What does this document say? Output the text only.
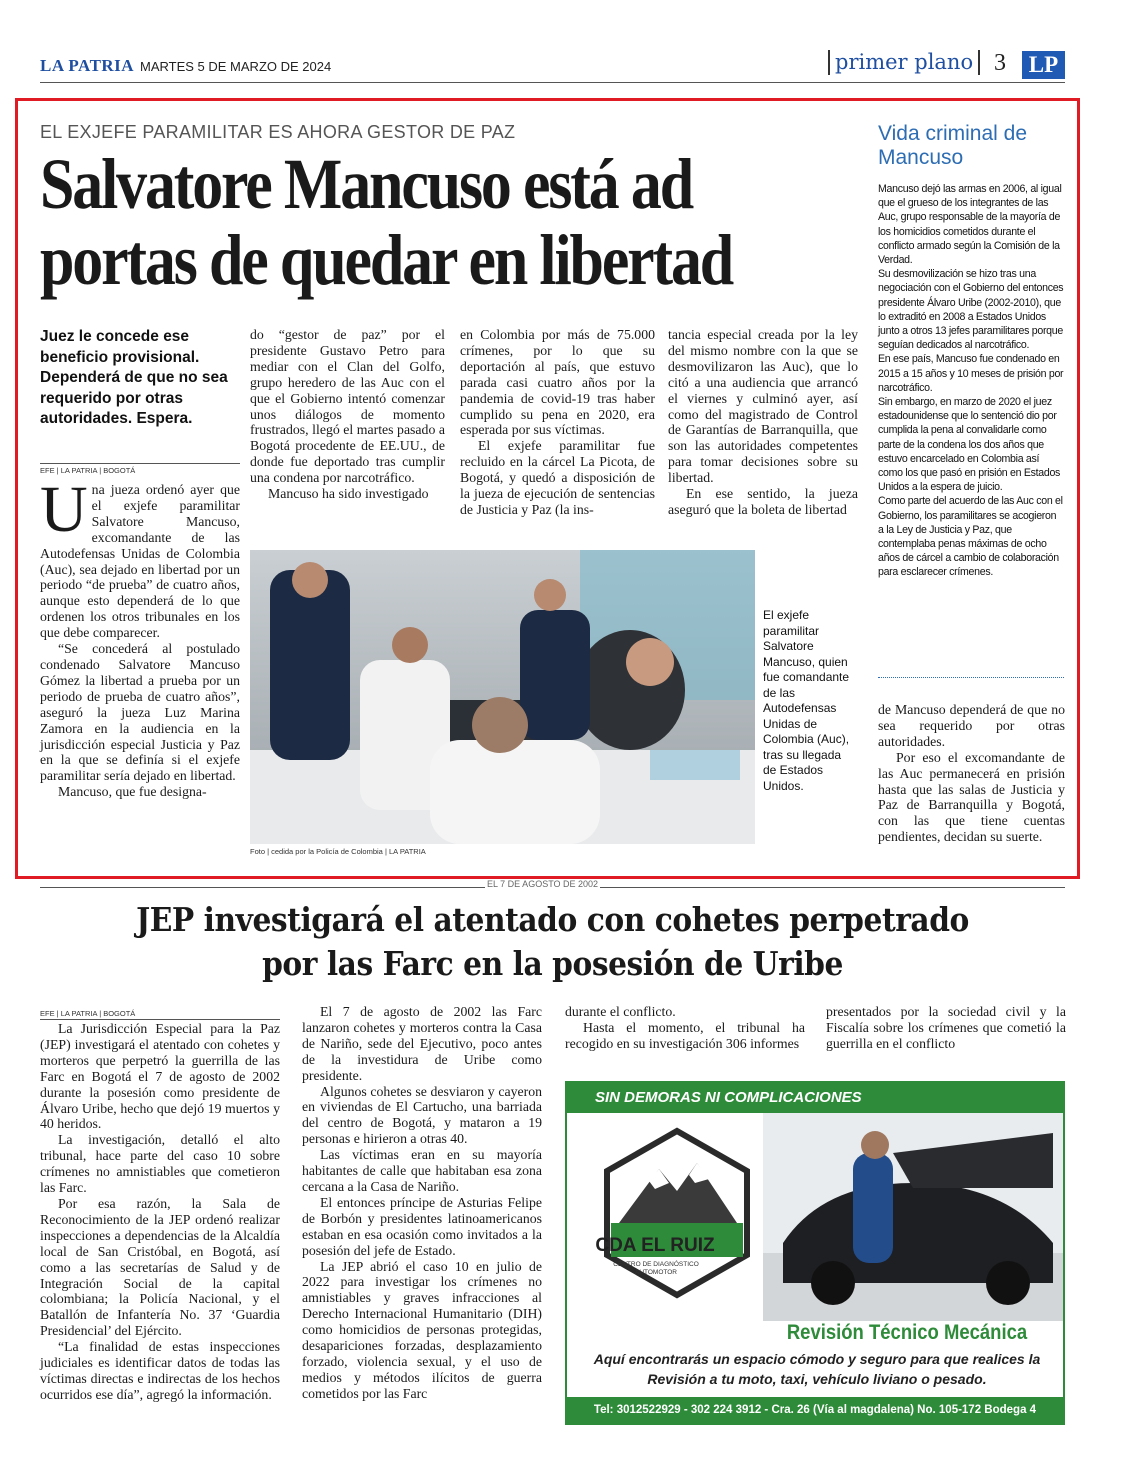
LA PATRIA MARTES 5 DE MARZO DE 2024	primer plano 3 LP
EL EXJEFE PARAMILITAR ES AHORA GESTOR DE PAZ
Salvatore Mancuso está ad portas de quedar en libertad
Juez le concede ese beneficio provisional. Dependerá de que no sea requerido por otras autoridades. Espera.
EFE | LA PATRIA | BOGOTÁ

Una jueza ordenó ayer que el exjefe paramilitar Salvatore Mancuso, excomandante de las Autodefensas Unidas de Colombia (Auc), sea dejado en libertad por un periodo “de prueba” de cuatro años, aunque esto dependerá de lo que ordenen los otros tribunales en los que debe comparecer.

“Se concederá al postulado condenado Salvatore Mancuso Gómez la libertad a prueba por un periodo de prueba de cuatro años”, aseguró la jueza Luz Marina Zamora en la audiencia en la jurisdicción especial Justicia y Paz en la que se definía si el exjefe paramilitar sería dejado en libertad.

Mancuso, que fue designa-

do “gestor de paz” por el presidente Gustavo Petro para mediar con el Clan del Golfo, grupo heredero de las Auc con el que el Gobierno intentó comenzar unos diálogos de momento frustrados, llegó el martes pasado a Bogotá procedente de EE.UU., de donde fue deportado tras cumplir una condena por narcotráfico.

Mancuso ha sido investigado

en Colombia por más de 75.000 crímenes, por lo que su deportación al país, que estuvo parada casi cuatro años por la pandemia de covid-19 tras haber cumplido su pena en 2020, era esperada por sus víctimas.

El exjefe paramilitar fue recluido en la cárcel La Picota, de Bogotá, y quedó a disposición de la jueza de ejecución de sentencias de Justicia y Paz (la ins-

tancia especial creada por la ley del mismo nombre con la que se desmovilizaron las Auc), que lo citó a una audiencia que arrancó el viernes y culminó ayer, así como del magistrado de Control de Garantías de Barranquilla, que son las autoridades competentes para tomar decisiones sobre su libertad.

En ese sentido, la jueza aseguró que la boleta de libertad

Foto | cedida por la Policía de Colombia | LA PATRIA
El exjefe paramilitar Salvatore Mancuso, quien fue comandante de las Autodefensas Unidas de Colombia (Auc), tras su llegada de Estados Unidos.

de Mancuso dependerá de que no sea requerido por otras autoridades.

Por eso el excomandante de las Auc permanecerá en prisión hasta que las salas de Justicia y Paz de Barranquilla y Bogotá, con las que tiene cuentas pendientes, decidan su suerte.

Vida criminal de Mancuso

Mancuso dejó las armas en 2006, al igual que el grueso de los integrantes de las Auc, grupo responsable de la mayoría de los homicidios cometidos durante el conflicto armado según la Comisión de la Verdad.

Su desmovilización se hizo tras una negociación con el Gobierno del entonces presidente Álvaro Uribe (2002-2010), que lo extraditó en 2008 a Estados Unidos junto a otros 13 jefes paramilitares porque seguían dedicados al narcotráfico.

En ese país, Mancuso fue condenado en 2015 a 15 años y 10 meses de prisión por narcotráfico.

Sin embargo, en marzo de 2020 el juez estadounidense que lo sentenció dio por cumplida la pena al convalidarle como parte de la condena los dos años que estuvo encarcelado en Colombia así como los que pasó en prisión en Estados Unidos a la espera de juicio.

Como parte del acuerdo de las Auc con el Gobierno, los paramilitares se acogieron a la Ley de Justicia y Paz, que contemplaba penas máximas de ocho años de cárcel a cambio de colaboración para esclarecer crímenes.

EL 7 DE AGOSTO DE 2002
JEP investigará el atentado con cohetes perpetrado
por las Farc en la posesión de Uribe
EFE | LA PATRIA | BOGOTÁ

La Jurisdicción Especial para la Paz (JEP) investigará el atentado con cohetes y morteros que perpetró la guerrilla de las Farc en Bogotá el 7 de agosto de 2002 durante la posesión como presidente de Álvaro Uribe, hecho que dejó 19 muertos y 40 heridos.

La investigación, detalló el alto tribunal, hace parte del caso 10 sobre crímenes no amnistiables que cometieron las Farc.

Por esa razón, la Sala de Reconocimiento de la JEP ordenó realizar inspecciones a dependencias de la Alcaldía local de San Cristóbal, en Bogotá, así como a las secretarías de Salud y de Integración Social de la capital colombiana; la Policía Nacional, y el Batallón de Infantería No. 37 ‘Guardia Presidencial’ del Ejército.

“La finalidad de estas inspecciones judiciales es identificar datos de todas las víctimas directas e indirectas de los hechos ocurridos ese día”, agregó la información.

El 7 de agosto de 2002 las Farc lanzaron cohetes y morteros contra la Casa de Nariño, sede del Ejecutivo, poco antes de la investidura de Uribe como presidente.

Algunos cohetes se desviaron y cayeron en viviendas de El Cartucho, una barriada del centro de Bogotá, y mataron a 19 personas e hirieron a otras 40.

Las víctimas eran en su mayoría habitantes de calle que habitaban esa zona cercana a la Casa de Nariño.

El entonces príncipe de Asturias Felipe de Borbón y presidentes latinoamericanos estaban en esa ocasión como invitados a la posesión del jefe de Estado.

La JEP abrió el caso 10 en julio de 2022 para investigar los crímenes no amnistiables y graves infracciones al Derecho Internacional Humanitario (DIH) como homicidios de personas protegidas, desapariciones forzadas, desplazamiento forzado, violencia sexual, y el uso de medios y métodos ilícitos de guerra cometidos por las Farc

durante el conflicto.

Hasta el momento, el tribunal ha recogido en su investigación 306 informes

presentados por la sociedad civil y la Fiscalía sobre los crímenes que cometió la guerrilla en el conflicto

SIN DEMORAS NI COMPLICACIONES
CDA EL RUIZ
CENTRO DE DIAGNÓSTICO AUTOMOTOR
Revisión Técnico Mecánica
Aquí encontrarás un espacio cómodo y seguro para que realices la Revisión a tu moto, taxi, vehículo liviano o pesado.
Tel: 3012522929 - 302 224 3912 - Cra. 26 (Vía al magdalena) No. 105-172 Bodega 4
